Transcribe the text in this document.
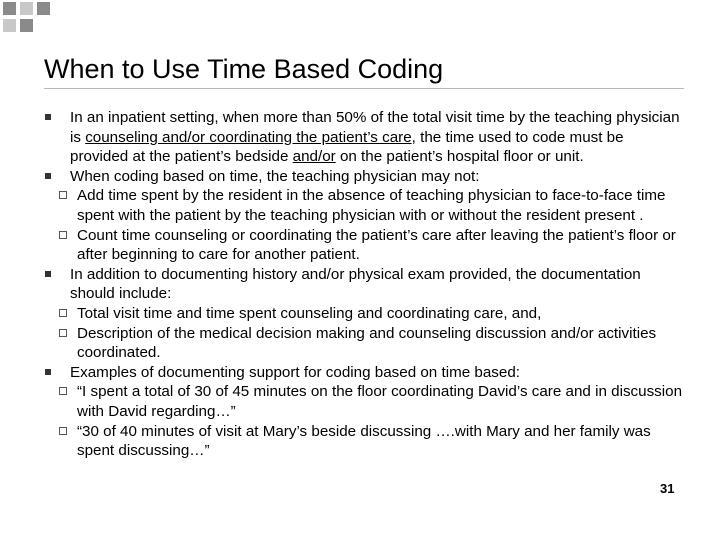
When to Use Time Based Coding
In an inpatient setting, when more than 50% of the total visit time by the teaching physician is counseling and/or coordinating the patient’s care, the time used to code must be provided at the patient’s bedside and/or on the patient’s hospital floor or unit.
When coding based on time, the teaching physician may not:
Add time spent by the resident in the absence of teaching physician to face-to-face time spent with the patient by the teaching physician with or without the resident present .
Count time counseling or coordinating the patient’s care after leaving the patient’s floor or after beginning to care for another patient.
In addition to documenting history and/or physical exam provided, the documentation should include:
Total visit time and time spent counseling and coordinating care, and,
Description of the medical decision making and counseling discussion and/or activities coordinated.
Examples of documenting support for coding based on time based:
“I spent a total of 30 of 45 minutes on the floor coordinating David’s care and in discussion with David regarding…”
“30 of 40 minutes of visit at Mary’s beside discussing ….with Mary and her family was spent discussing…”
31
